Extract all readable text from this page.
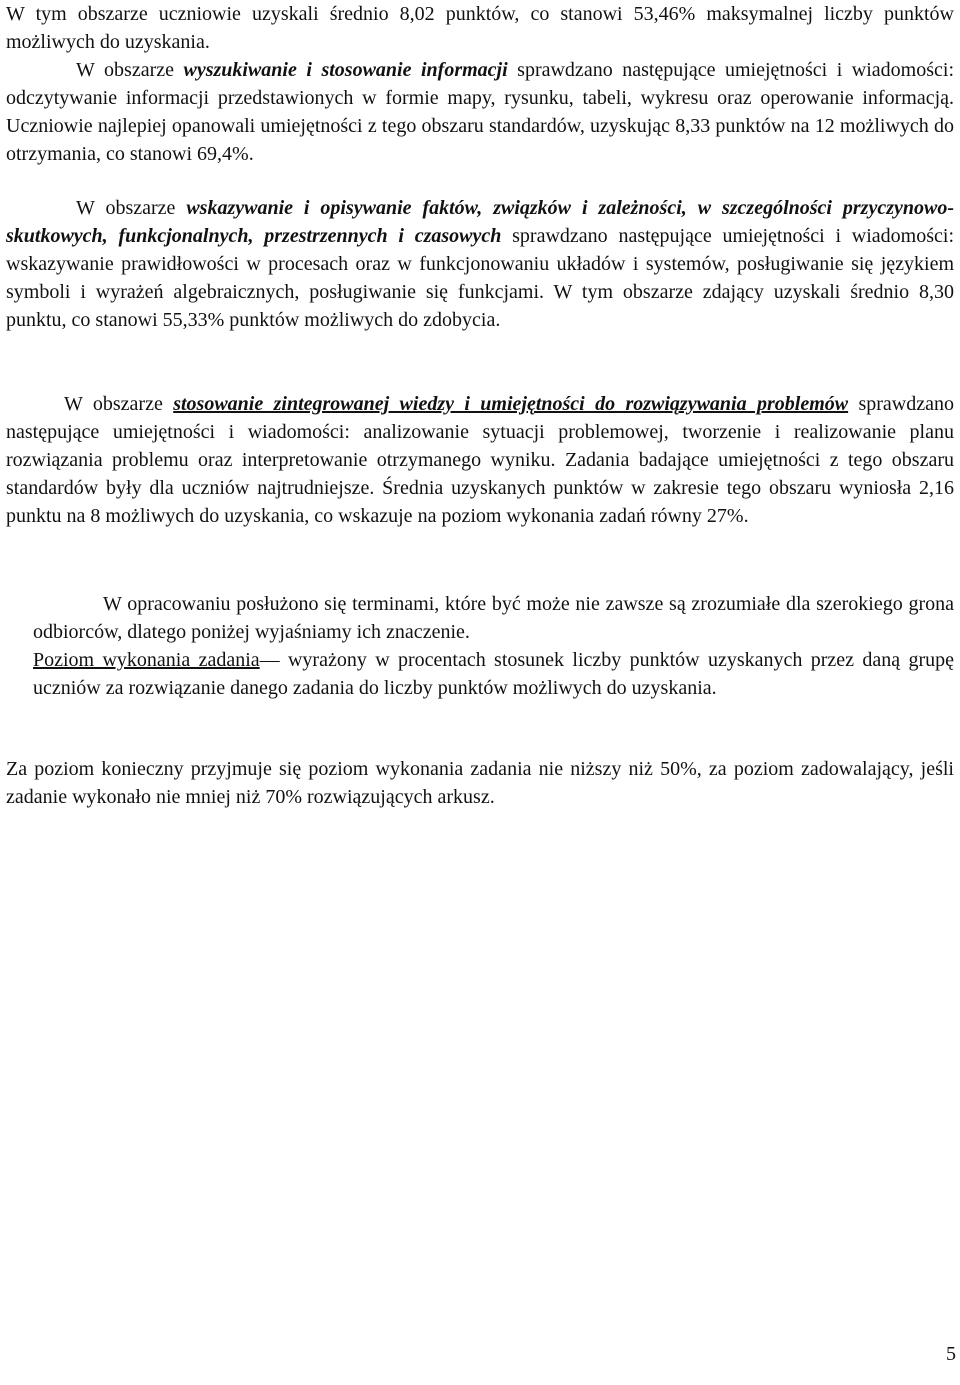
W tym obszarze uczniowie uzyskali średnio 8,02 punktów, co stanowi 53,46% maksymalnej liczby punktów możliwych do uzyskania.

W obszarze wyszukiwanie i stosowanie informacji sprawdzano następujące umiejętności i wiadomości: odczytywanie informacji przedstawionych w formie mapy, rysunku, tabeli, wykresu oraz operowanie informacją. Uczniowie najlepiej opanowali umiejętności z tego obszaru standardów, uzyskując 8,33 punktów na 12 możliwych do otrzymania, co stanowi 69,4%.

W obszarze wskazywanie i opisywanie faktów, związków i zależności, w szczególności przyczynowo-skutkowych, funkcjonalnych, przestrzennych i czasowych sprawdzano następujące umiejętności i wiadomości: wskazywanie prawidłowości w procesach oraz w funkcjonowaniu układów i systemów, posługiwanie się językiem symboli i wyrażeń algebraicznych, posługiwanie się funkcjami. W tym obszarze zdający uzyskali średnio 8,30 punktu, co stanowi 55,33% punktów możliwych do zdobycia.

W obszarze stosowanie zintegrowanej wiedzy i umiejętności do rozwiązywania problemów sprawdzano następujące umiejętności i wiadomości: analizowanie sytuacji problemowej, tworzenie i realizowanie planu rozwiązania problemu oraz interpretowanie otrzymanego wyniku. Zadania badające umiejętności z tego obszaru standardów były dla uczniów najtrudniejsze. Średnia uzyskanych punktów w zakresie tego obszaru wyniosła 2,16 punktu na 8 możliwych do uzyskania, co wskazuje na poziom wykonania zadań równy 27%.

W opracowaniu posłużono się terminami, które być może nie zawsze są zrozumiałe dla szerokiego grona odbiorców, dlatego poniżej wyjaśniamy ich znaczenie.

Poziom wykonania zadania— wyrażony w procentach stosunek liczby punktów uzyskanych przez daną grupę uczniów za rozwiązanie danego zadania do liczby punktów możliwych do uzyskania.

Za poziom konieczny przyjmuje się poziom wykonania zadania nie niższy niż 50%, za poziom zadowalający, jeśli zadanie wykonało nie mniej niż 70% rozwiązujących arkusz.

5
